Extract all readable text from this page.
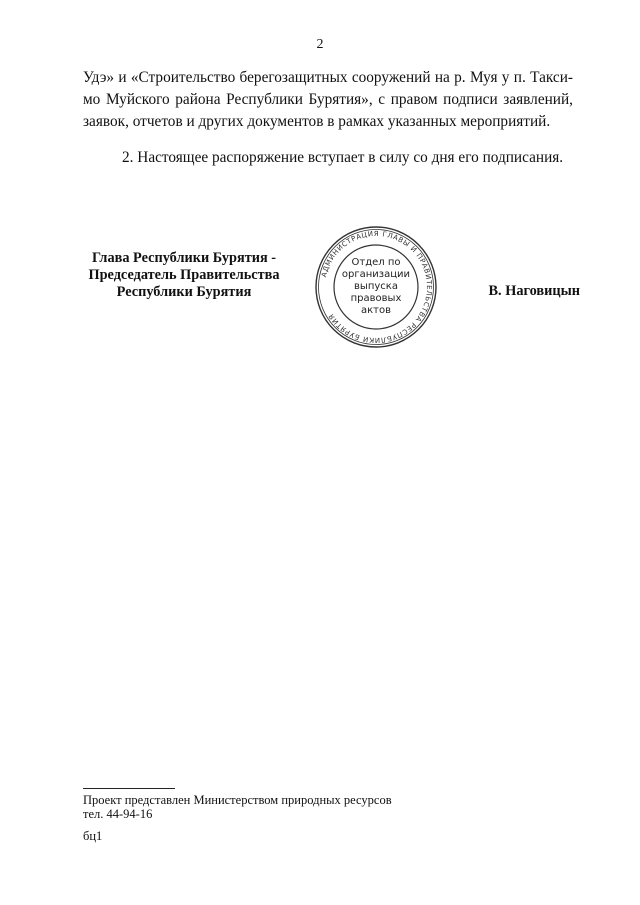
2

Удэ» и «Строительство берегозащитных сооружений на р. Муя у п. Такси-мо Муйского района Республики Бурятия», с правом подписи заявлений, заявок, отчетов и других документов в рамках указанных мероприятий.

2. Настоящее распоряжение вступает в силу со дня его подписания.

Глава Республики Бурятия -
Председатель Правительства
Республики Бурятия
АДМИНИСТРАЦИЯ ГЛАВЫ И ПРАВИТЕЛЬСТВА РЕСПУБЛИКИ БУРЯТИЯ
Отдел по
организации
выпуска
правовых
актов
В. Наговицын
Проект представлен Министерством природных ресурсов
тел. 44-94-16
бц1
